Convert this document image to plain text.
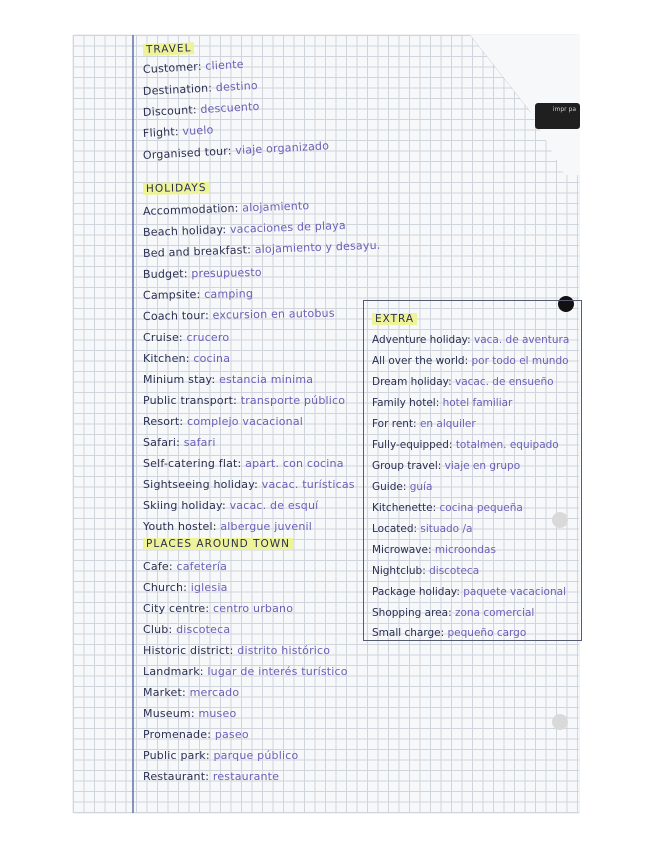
impr pa
TRAVEL
Customer: cliente
Destination: destino
Discount: descuento
Flight: vuelo
Organised tour: viaje organizado
HOLIDAYS
Accommodation: alojamiento
Beach holiday: vacaciones de playa
Bed and breakfast: alojamiento y desayu.
Budget: presupuesto
Campsite: camping
Coach tour: excursion en autobus
Cruise: crucero
Kitchen: cocina
Minium stay: estancia minima
Public transport: transporte público
Resort: complejo vacacional
Safari: safari
Self-catering flat: apart. con cocina
Sightseeing holiday: vacac. turísticas
Skiing holiday: vacac. de esquí
Youth hostel: albergue juvenil
PLACES AROUND TOWN
Cafe: cafetería
Church: iglesia
City centre: centro urbano
Club: discoteca
Historic district: distrito histórico
Landmark: lugar de interés turístico
Market: mercado
Museum: museo
Promenade: paseo
Public park: parque público
Restaurant: restaurante
EXTRA
Adventure holiday: vaca. de aventura
All over the world: por todo el mundo
Dream holiday: vacac. de ensueño
Family hotel: hotel familiar
For rent: en alquiler
Fully-equipped: totalmen. equipado
Group travel: viaje en grupo
Guide: guía
Kitchenette: cocina pequeña
Located: situado /a
Microwave: microondas
Nightclub: discoteca
Package holiday: paquete vacacional
Shopping area: zona comercial
Small charge: pequeño cargo
